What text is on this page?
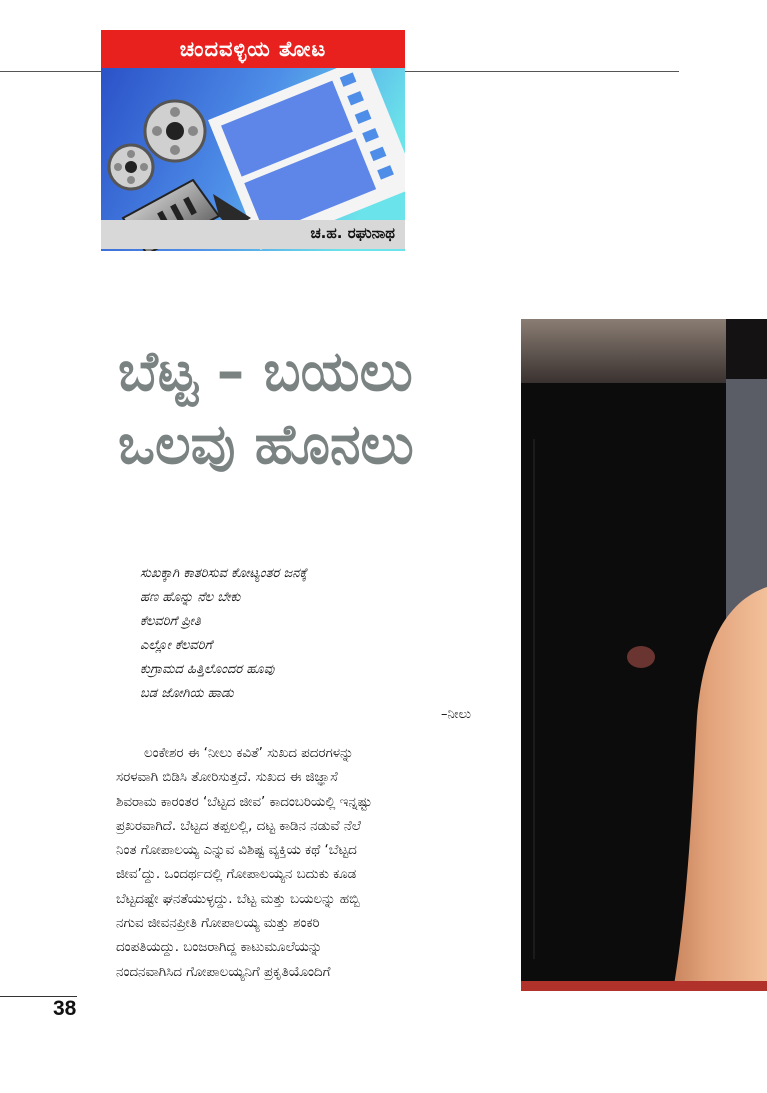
ಚಂದವಳ್ಳಿಯ ತೋಟ
ಚ.ಹ. ರಘುನಾಥ
ಬೆಟ್ಟ – ಬಯಲು
ಒಲವು ಹೊನಲು
ಸುಖಕ್ಕಾಗಿ ಕಾತರಿಸುವ ಕೋಟ್ಯಂತರ ಜನಕ್ಕೆ
ಹಣ ಹೊನ್ನು ನೆಲ ಬೇಕು
ಕೆಲವರಿಗೆ ಪ್ರೀತಿ
ಎಲ್ಲೋ ಕೆಲವರಿಗೆ
ಕುಗ್ರಾಮದ ಹಿತ್ತಿಲೊಂದರ ಹೂವು
ಬಡ ಜೋಗಿಯ ಹಾಡು
–ನೀಲು
ಲಂಕೇಶರ ಈ ‘ನೀಲು ಕವಿತೆ’ ಸುಖದ ಪದರಗಳನ್ನು
ಸರಳವಾಗಿ ಬಿಡಿಸಿ ತೋರಿಸುತ್ತದೆ. ಸುಖದ ಈ ಜಿಜ್ಞಾಸೆ
ಶಿವರಾಮ ಕಾರಂತರ ‘ಬೆಟ್ಟದ ಜೀವ’ ಕಾದಂಬರಿಯಲ್ಲಿ ಇನ್ನಷ್ಟು
ಪ್ರಖರವಾಗಿದೆ. ಬೆಟ್ಟದ ತಪ್ಪಲಲ್ಲಿ, ದಟ್ಟ ಕಾಡಿನ ನಡುವೆ ನೆಲೆ
ನಿಂತ ಗೋಪಾಲಯ್ಯ ಎನ್ನುವ ವಿಶಿಷ್ಟ ವ್ಯಕ್ತಿಯ ಕಥೆ ‘ಬೆಟ್ಟದ
ಜೀವ’ದ್ದು. ಒಂದರ್ಥದಲ್ಲಿ ಗೋಪಾಲಯ್ಯನ ಬದುಕು ಕೂಡ
ಬೆಟ್ಟದಷ್ಟೇ ಘನತೆಯುಳ್ಳದ್ದು. ಬೆಟ್ಟ ಮತ್ತು ಬಯಲನ್ನು ಹಬ್ಬಿ
ನಗುವ ಜೀವನಪ್ರೀತಿ ಗೋಪಾಲಯ್ಯ ಮತ್ತು ಶಂಕರಿ
ದಂಪತಿಯದ್ದು. ಬಂಜರಾಗಿದ್ದ ಕಾಟುಮೂಲೆಯನ್ನು
ನಂದನವಾಗಿಸಿದ ಗೋಪಾಲಯ್ಯನಿಗೆ ಪ್ರಕೃತಿಯೊಂದಿಗೆ
38
